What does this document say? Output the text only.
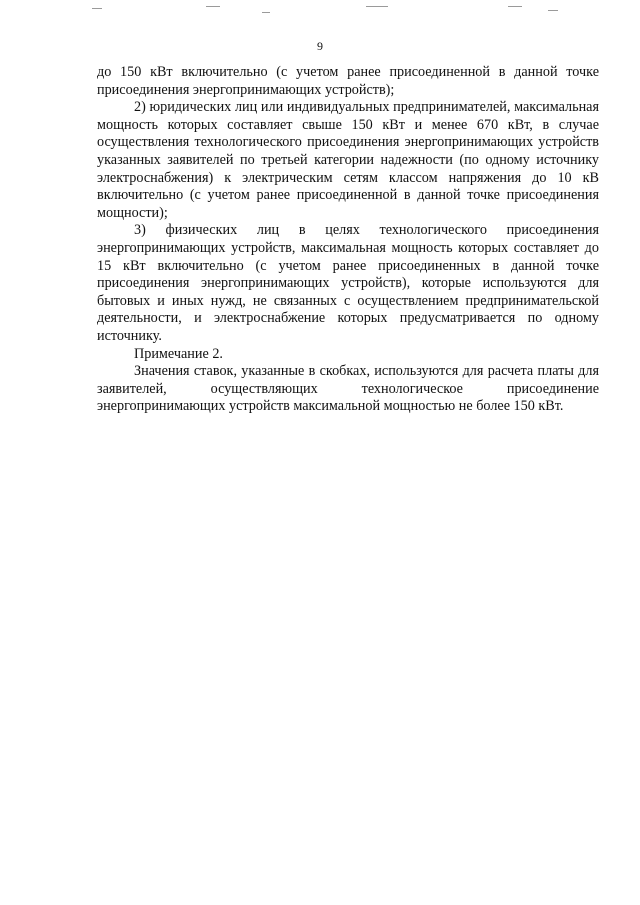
9

до 150 кВт включительно (с учетом ранее присоединенной в данной точке присоединения энергопринимающих устройств);

2) юридических лиц или индивидуальных предпринимателей, максимальная мощность которых составляет свыше 150 кВт и менее 670 кВт, в случае осуществления технологического присоединения энергопринимающих устройств указанных заявителей по третьей категории надежности (по одному источнику электроснабжения) к электрическим сетям классом напряжения до 10 кВ включительно (с учетом ранее присоединенной в данной точке присоединения мощности);

3) физических лиц в целях технологического присоединения энергопринимающих устройств, максимальная мощность которых составляет до 15 кВт включительно (с учетом ранее присоединенных в данной точке присоединения энергопринимающих устройств), которые используются для бытовых и иных нужд, не связанных с осуществлением предпринимательской деятельности, и электроснабжение которых предусматривается по одному источнику.

Примечание 2.

Значения ставок, указанные в скобках, используются для расчета платы для заявителей, осуществляющих технологическое присоединение энергопринимающих устройств максимальной мощностью не более 150 кВт.
